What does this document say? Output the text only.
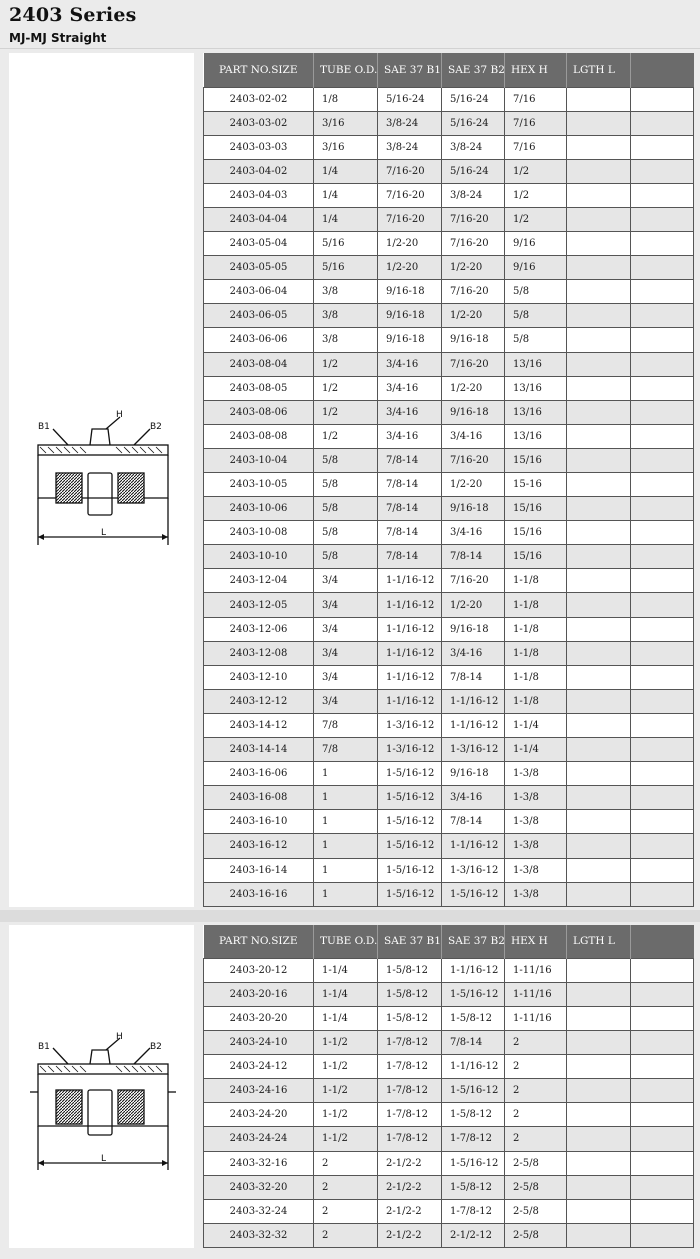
2403 Series
MJ-MJ Straight
B1
H
B2
L
B1
H
B2
L
PART NO.SIZE	TUBE O.D.	SAE 37 B1	SAE 37 B2	HEX H	LGTH L	
2403-02-02	1/8	5/16-24	5/16-24	7/16		
2403-03-02	3/16	3/8-24	5/16-24	7/16		
2403-03-03	3/16	3/8-24	3/8-24	7/16		
2403-04-02	1/4	7/16-20	5/16-24	1/2		
2403-04-03	1/4	7/16-20	3/8-24	1/2		
2403-04-04	1/4	7/16-20	7/16-20	1/2		
2403-05-04	5/16	1/2-20	7/16-20	9/16		
2403-05-05	5/16	1/2-20	1/2-20	9/16		
2403-06-04	3/8	9/16-18	7/16-20	5/8		
2403-06-05	3/8	9/16-18	1/2-20	5/8		
2403-06-06	3/8	9/16-18	9/16-18	5/8		
2403-08-04	1/2	3/4-16	7/16-20	13/16		
2403-08-05	1/2	3/4-16	1/2-20	13/16		
2403-08-06	1/2	3/4-16	9/16-18	13/16		
2403-08-08	1/2	3/4-16	3/4-16	13/16		
2403-10-04	5/8	7/8-14	7/16-20	15/16		
2403-10-05	5/8	7/8-14	1/2-20	15-16		
2403-10-06	5/8	7/8-14	9/16-18	15/16		
2403-10-08	5/8	7/8-14	3/4-16	15/16		
2403-10-10	5/8	7/8-14	7/8-14	15/16		
2403-12-04	3/4	1-1/16-12	7/16-20	1-1/8		
2403-12-05	3/4	1-1/16-12	1/2-20	1-1/8		
2403-12-06	3/4	1-1/16-12	9/16-18	1-1/8		
2403-12-08	3/4	1-1/16-12	3/4-16	1-1/8		
2403-12-10	3/4	1-1/16-12	7/8-14	1-1/8		
2403-12-12	3/4	1-1/16-12	1-1/16-12	1-1/8		
2403-14-12	7/8	1-3/16-12	1-1/16-12	1-1/4		
2403-14-14	7/8	1-3/16-12	1-3/16-12	1-1/4		
2403-16-06	1	1-5/16-12	9/16-18	1-3/8		
2403-16-08	1	1-5/16-12	3/4-16	1-3/8		
2403-16-10	1	1-5/16-12	7/8-14	1-3/8		
2403-16-12	1	1-5/16-12	1-1/16-12	1-3/8		
2403-16-14	1	1-5/16-12	1-3/16-12	1-3/8		
2403-16-16	1	1-5/16-12	1-5/16-12	1-3/8		
PART NO.SIZE	TUBE O.D.	SAE 37 B1	SAE 37 B2	HEX H	LGTH L	
2403-20-12	1-1/4	1-5/8-12	1-1/16-12	1-11/16		
2403-20-16	1-1/4	1-5/8-12	1-5/16-12	1-11/16		
2403-20-20	1-1/4	1-5/8-12	1-5/8-12	1-11/16		
2403-24-10	1-1/2	1-7/8-12	7/8-14	2		
2403-24-12	1-1/2	1-7/8-12	1-1/16-12	2		
2403-24-16	1-1/2	1-7/8-12	1-5/16-12	2		
2403-24-20	1-1/2	1-7/8-12	1-5/8-12	2		
2403-24-24	1-1/2	1-7/8-12	1-7/8-12	2		
2403-32-16	2	2-1/2-2	1-5/16-12	2-5/8		
2403-32-20	2	2-1/2-2	1-5/8-12	2-5/8		
2403-32-24	2	2-1/2-2	1-7/8-12	2-5/8		
2403-32-32	2	2-1/2-2	2-1/2-12	2-5/8		
